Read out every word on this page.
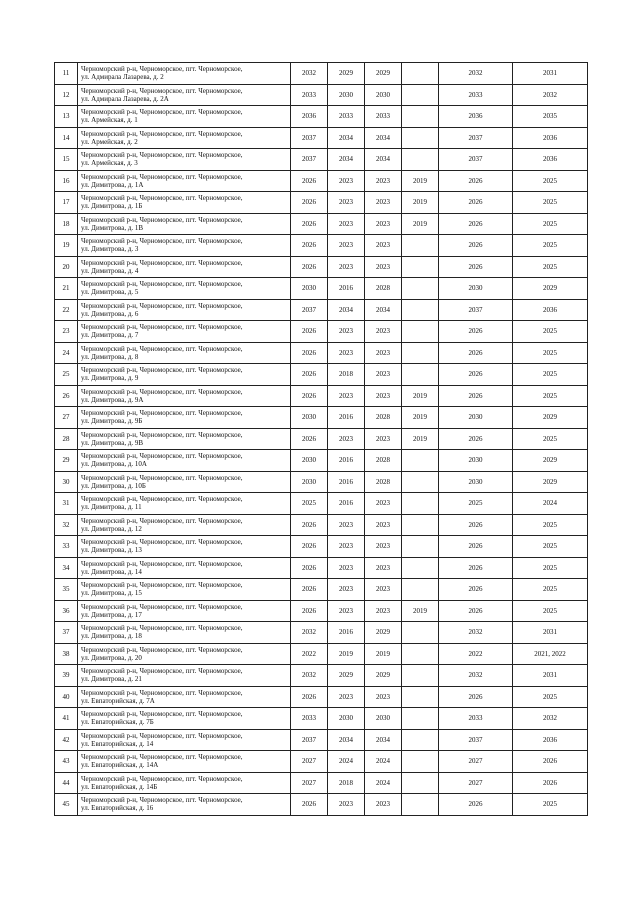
11	Черноморский р-н, Черноморское, пгт. Черноморское,
ул. Адмирала Лазарева, д. 2	2032	2029	2029		2032	2031
12	Черноморский р-н, Черноморское, пгт. Черноморское,
ул. Адмирала Лазарева, д. 2А	2033	2030	2030		2033	2032
13	Черноморский р-н, Черноморское, пгт. Черноморское,
ул. Армейская, д. 1	2036	2033	2033		2036	2035
14	Черноморский р-н, Черноморское, пгт. Черноморское,
ул. Армейская, д. 2	2037	2034	2034		2037	2036
15	Черноморский р-н, Черноморское, пгт. Черноморское,
ул. Армейская, д. 3	2037	2034	2034		2037	2036
16	Черноморский р-н, Черноморское, пгт. Черноморское,
ул. Димитрова, д. 1А	2026	2023	2023	2019	2026	2025
17	Черноморский р-н, Черноморское, пгт. Черноморское,
ул. Димитрова, д. 1Б	2026	2023	2023	2019	2026	2025
18	Черноморский р-н, Черноморское, пгт. Черноморское,
ул. Димитрова, д. 1В	2026	2023	2023	2019	2026	2025
19	Черноморский р-н, Черноморское, пгт. Черноморское,
ул. Димитрова, д. 3	2026	2023	2023		2026	2025
20	Черноморский р-н, Черноморское, пгт. Черноморское,
ул. Димитрова, д. 4	2026	2023	2023		2026	2025
21	Черноморский р-н, Черноморское, пгт. Черноморское,
ул. Димитрова, д. 5	2030	2016	2028		2030	2029
22	Черноморский р-н, Черноморское, пгт. Черноморское,
ул. Димитрова, д. 6	2037	2034	2034		2037	2036
23	Черноморский р-н, Черноморское, пгт. Черноморское,
ул. Димитрова, д. 7	2026	2023	2023		2026	2025
24	Черноморский р-н, Черноморское, пгт. Черноморское,
ул. Димитрова, д. 8	2026	2023	2023		2026	2025
25	Черноморский р-н, Черноморское, пгт. Черноморское,
ул. Димитрова, д. 9	2026	2018	2023		2026	2025
26	Черноморский р-н, Черноморское, пгт. Черноморское,
ул. Димитрова, д. 9А	2026	2023	2023	2019	2026	2025
27	Черноморский р-н, Черноморское, пгт. Черноморское,
ул. Димитрова, д. 9Б	2030	2016	2028	2019	2030	2029
28	Черноморский р-н, Черноморское, пгт. Черноморское,
ул. Димитрова, д. 9В	2026	2023	2023	2019	2026	2025
29	Черноморский р-н, Черноморское, пгт. Черноморское,
ул. Димитрова, д. 10А	2030	2016	2028		2030	2029
30	Черноморский р-н, Черноморское, пгт. Черноморское,
ул. Димитрова, д. 10Б	2030	2016	2028		2030	2029
31	Черноморский р-н, Черноморское, пгт. Черноморское,
ул. Димитрова, д. 11	2025	2016	2023		2025	2024
32	Черноморский р-н, Черноморское, пгт. Черноморское,
ул. Димитрова, д. 12	2026	2023	2023		2026	2025
33	Черноморский р-н, Черноморское, пгт. Черноморское,
ул. Димитрова, д. 13	2026	2023	2023		2026	2025
34	Черноморский р-н, Черноморское, пгт. Черноморское,
ул. Димитрова, д. 14	2026	2023	2023		2026	2025
35	Черноморский р-н, Черноморское, пгт. Черноморское,
ул. Димитрова, д. 15	2026	2023	2023		2026	2025
36	Черноморский р-н, Черноморское, пгт. Черноморское,
ул. Димитрова, д. 17	2026	2023	2023	2019	2026	2025
37	Черноморский р-н, Черноморское, пгт. Черноморское,
ул. Димитрова, д. 18	2032	2016	2029		2032	2031
38	Черноморский р-н, Черноморское, пгт. Черноморское,
ул. Димитрова, д. 20	2022	2019	2019		2022	2021, 2022
39	Черноморский р-н, Черноморское, пгт. Черноморское,
ул. Димитрова, д. 21	2032	2029	2029		2032	2031
40	Черноморский р-н, Черноморское, пгт. Черноморское,
ул. Евпаторийская, д. 7А	2026	2023	2023		2026	2025
41	Черноморский р-н, Черноморское, пгт. Черноморское,
ул. Евпаторийская, д. 7Б	2033	2030	2030		2033	2032
42	Черноморский р-н, Черноморское, пгт. Черноморское,
ул. Евпаторийская, д. 14	2037	2034	2034		2037	2036
43	Черноморский р-н, Черноморское, пгт. Черноморское,
ул. Евпаторийская, д. 14А	2027	2024	2024		2027	2026
44	Черноморский р-н, Черноморское, пгт. Черноморское,
ул. Евпаторийская, д. 14Б	2027	2018	2024		2027	2026
45	Черноморский р-н, Черноморское, пгт. Черноморское,
ул. Евпаторийская, д. 16	2026	2023	2023		2026	2025
